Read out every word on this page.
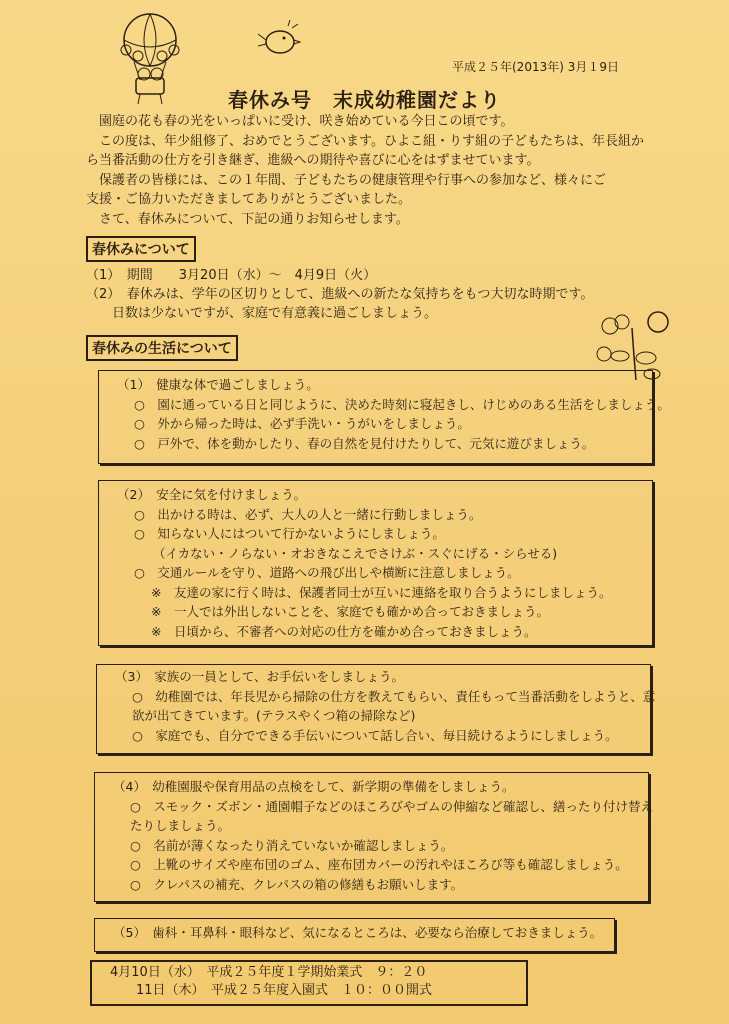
平成２５年(2013年) 3月１9日
春休み号　末成幼稚園だより

園庭の花も春の光をいっぱいに受け、咲き始めている今日この頃です。

この度は、年少組修了、おめでとうございます。ひよこ組・りす組の子どもたちは、年長組か

ら当番活動の仕方を引き継ぎ、進級への期待や喜びに心をはずませています。

保護者の皆様には、この１年間、子どもたちの健康管理や行事への参加など、様々にご

支援・ご協力いただきましてありがとうございました。

さて、春休みについて、下記の通りお知らせします。

春休みについて

（1）　期間　　3月20日（水）～　4月9日（火）

（2）　春休みは、学年の区切りとして、進級への新たな気持ちをもつ大切な時期です。

　　日数は少ないですが、家庭で有意義に過ごしましょう。

春休みの生活について

（1）　健康な体で過ごしましょう。

○　園に通っている日と同じように、決めた時刻に寝起きし、けじめのある生活をしましょう。

○　外から帰った時は、必ず手洗い・うがいをしましょう。

○　戸外で、体を動かしたり、春の自然を見付けたりして、元気に遊びましょう。

（2）　安全に気を付けましょう。

○　出かける時は、必ず、大人の人と一緒に行動しましょう。

○　知らない人にはついて行かないようにしましょう。

（イカない・ノらない・オおきなこえでさけぶ・スぐにげる・シらせる)

○　交通ルールを守り、道路への飛び出しや横断に注意しましょう。

※　友達の家に行く時は、保護者同士が互いに連絡を取り合うようにしましょう。

※　一人では外出しないことを、家庭でも確かめ合っておきましょう。

※　日頃から、不審者への対応の仕方を確かめ合っておきましょう。

（3）　家族の一員として、お手伝いをしましょう。

○　幼稚園では、年長児から掃除の仕方を教えてもらい、責任もって当番活動をしようと、意

欲が出てきています。(テラスやくつ箱の掃除など)

○　家庭でも、自分でできる手伝いについて話し合い、毎日続けるようにしましょう。

（4）　幼稚園服や保育用品の点検をして、新学期の準備をしましょう。

○　スモック・ズボン・通園帽子などのほころびやゴムの伸縮など確認し、繕ったり付け替え

たりしましょう。

○　名前が薄くなったり消えていないか確認しましょう。

○　上靴のサイズや座布団のゴム、座布団カバーの汚れやほころび等も確認しましょう。

○　クレパスの補充、クレパスの箱の修繕もお願いします。

（5）　歯科・耳鼻科・眼科など、気になるところは、必要なら治療しておきましょう。

4月10日（水）　平成２５年度１学期始業式　９：２０

　　11日（木）　平成２５年度入園式　１０：００開式
